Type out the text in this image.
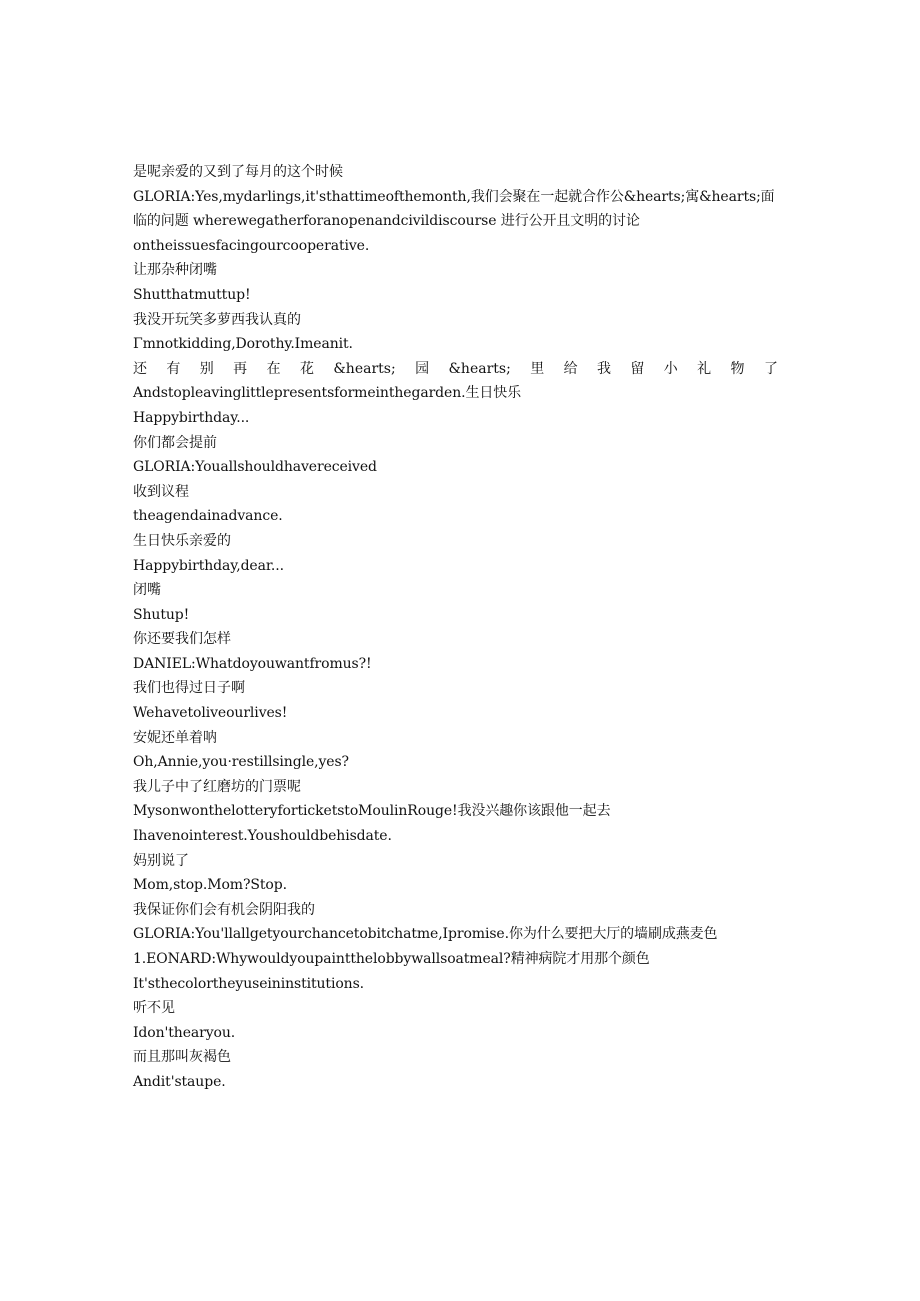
是呢亲爱的又到了每月的这个时候
GLORIA:Yes,mydarlings,it'sthattimeofthemonth,我们会聚在一起就合作公&hearts;寓&hearts;面临的问题 wherewegatherforanopenandcivildiscourse 进行公开且文明的讨论
ontheissuesfacingourcooperative.
让那杂种闭嘴
Shutthatmuttup!
我没开玩笑多萝西我认真的
Γmnotkidding,Dorothy.Imeanit.
还 有 别 再 在 花 &hearts; 园 &hearts; 里 给 我 留 小 礼 物 了
Andstopleavinglittlepresentsformeinthegarden.生日快乐
Happybirthday...
你们都会提前
GLORIA:Youallshouldhavereceived
收到议程
theagendainadvance.
生日快乐亲爱的
Happybirthday,dear...
闭嘴
Shutup!
你还要我们怎样
DANIEL:Whatdoyouwantfromus?!
我们也得过日子啊
Wehavetoliveourlives!
安妮还单着呐
Oh,Annie,you·restillsingle,yes?
我儿子中了红磨坊的门票呢
MysonwonthelotteryforticketstoMoulinRouge!我没兴趣你该跟他一起去
Ihavenointerest.Youshouldbehisdate.
妈别说了
Mom,stop.Mom?Stop.
我保证你们会有机会阴阳我的
GLORIA:You'llallgetyourchancetobitchatme,Ipromise.你为什么要把大厅的墙刷成燕麦色
1.EONARD:Whywouldyoupaintthelobbywallsoatmeal?精神病院才用那个颜色
It'sthecolortheyuseininstitutions.
听不见
Idon'thearyou.
而且那叫灰褐色
Andit'staupe.
